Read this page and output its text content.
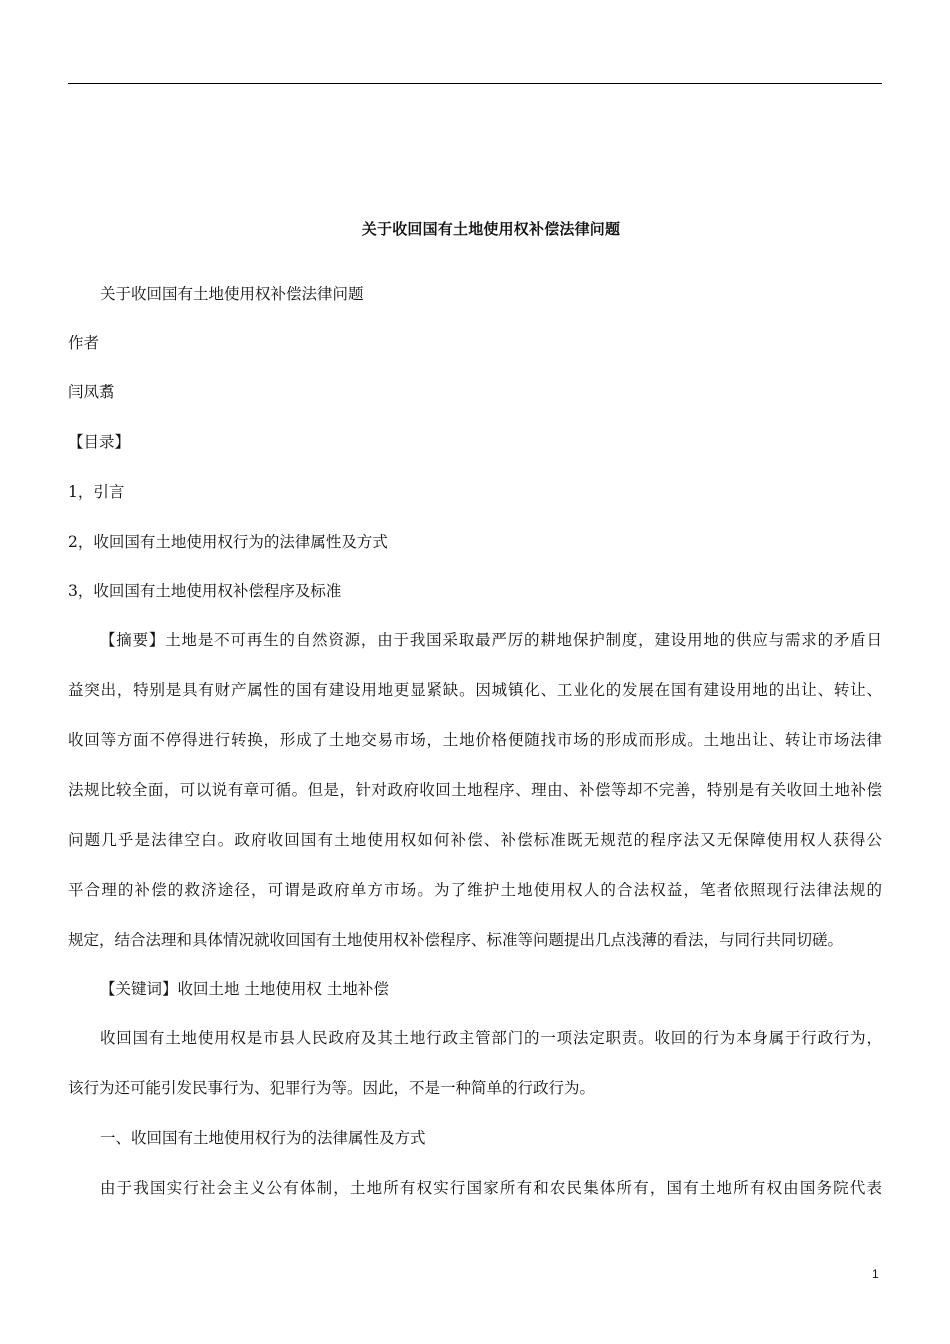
关于收回国有土地使用权补偿法律问题
关于收回国有土地使用权补偿法律问题
作者
闫凤翥
【目录】
1，引言
2，收回国有土地使用权行为的法律属性及方式
3，收回国有土地使用权补偿程序及标准
【摘要】土地是不可再生的自然资源，由于我国采取最严厉的耕地保护制度，建设用地的供应与需求的矛盾日
益突出，特别是具有财产属性的国有建设用地更显紧缺。因城镇化、工业化的发展在国有建设用地的出让、转让、
收回等方面不停得进行转换，形成了土地交易市场，土地价格便随找市场的形成而形成。土地出让、转让市场法律
法规比较全面，可以说有章可循。但是，针对政府收回土地程序、理由、补偿等却不完善，特别是有关收回土地补偿
问题几乎是法律空白。政府收回国有土地使用权如何补偿、补偿标准既无规范的程序法又无保障使用权人获得公
平合理的补偿的救济途径，可谓是政府单方市场。为了维护土地使用权人的合法权益，笔者依照现行法律法规的
规定，结合法理和具体情况就收回国有土地使用权补偿程序、标准等问题提出几点浅薄的看法，与同行共同切磋。
【关键词】收回土地 土地使用权 土地补偿
收回国有土地使用权是市县人民政府及其土地行政主管部门的一项法定职责。收回的行为本身属于行政行为，
该行为还可能引发民事行为、犯罪行为等。因此，不是一种简单的行政行为。
一、收回国有土地使用权行为的法律属性及方式
由于我国实行社会主义公有体制，土地所有权实行国家所有和农民集体所有，国有土地所有权由国务院代表
1
